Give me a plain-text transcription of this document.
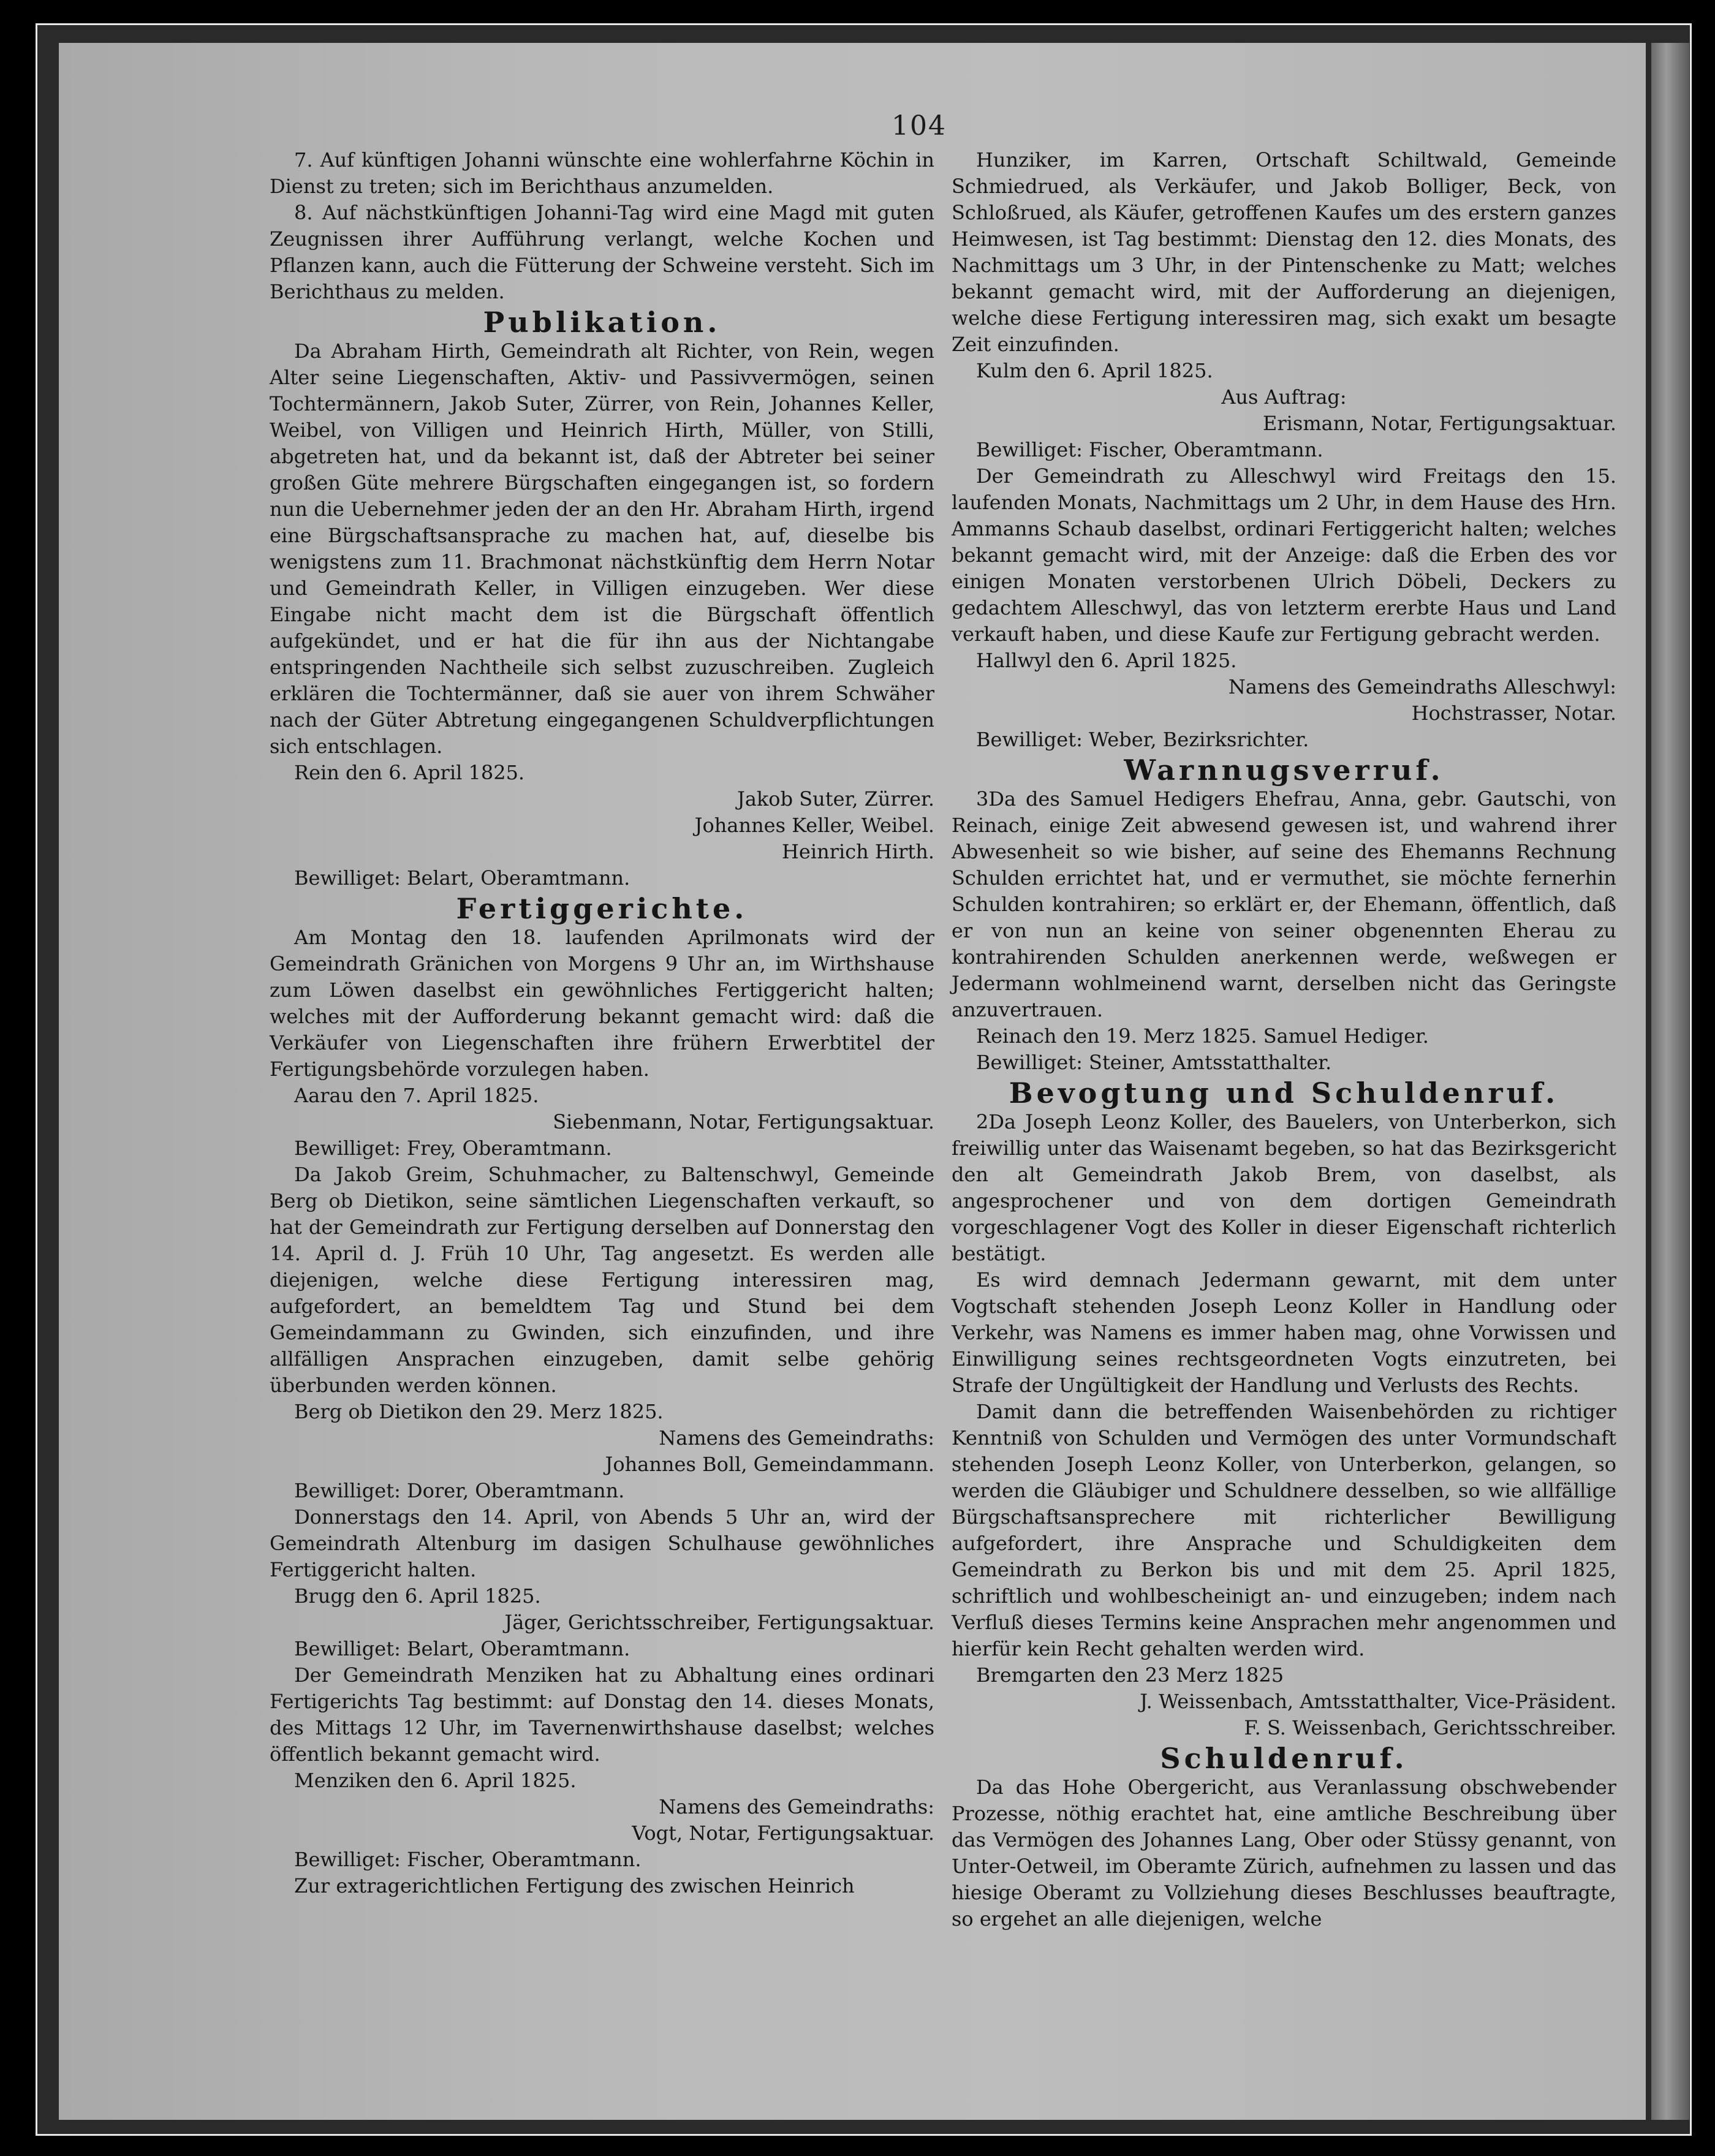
104

7. Auf künftigen Johanni wünschte eine wohlerfahrne Köchin in Dienst zu treten; sich im Berichthaus anzumelden.

8. Auf nächstkünftigen Johanni-Tag wird eine Magd mit guten Zeugnissen ihrer Aufführung verlangt, welche Kochen und Pflanzen kann, auch die Fütterung der Schweine versteht. Sich im Berichthaus zu melden.

Publikation.

Da Abraham Hirth, Gemeindrath alt Richter, von Rein, wegen Alter seine Liegenschaften, Aktiv- und Passivvermögen, seinen Tochtermännern, Jakob Suter, Zürrer, von Rein, Johannes Keller, Weibel, von Villigen und Heinrich Hirth, Müller, von Stilli, abgetreten hat, und da bekannt ist, daß der Abtreter bei seiner großen Güte mehrere Bürgschaften eingegangen ist, so fordern nun die Uebernehmer jeden der an den Hr. Abraham Hirth, irgend eine Bürgschaftsansprache zu machen hat, auf, dieselbe bis wenigstens zum 11. Brachmonat nächstkünftig dem Herrn Notar und Gemeindrath Keller, in Villigen einzugeben. Wer diese Eingabe nicht macht dem ist die Bürgschaft öffentlich aufgekündet, und er hat die für ihn aus der Nichtangabe entspringenden Nachtheile sich selbst zuzuschreiben. Zugleich erklären die Tochtermänner, daß sie auer von ihrem Schwäher nach der Güter Abtretung eingegangenen Schuldverpflichtungen sich entschlagen.

Rein den 6. April 1825.

Jakob Suter, Zürrer.

Johannes Keller, Weibel.

Heinrich Hirth.

Bewilliget: Belart, Oberamtmann.

Fertiggerichte.

Am Montag den 18. laufenden Aprilmonats wird der Gemeindrath Gränichen von Morgens 9 Uhr an, im Wirthshause zum Löwen daselbst ein gewöhnliches Fertiggericht halten; welches mit der Aufforderung bekannt gemacht wird: daß die Verkäufer von Liegenschaften ihre frühern Erwerbtitel der Fertigungsbehörde vorzulegen haben.

Aarau den 7. April 1825.

Siebenmann, Notar, Fertigungsaktuar.

Bewilliget: Frey, Oberamtmann.

Da Jakob Greim, Schuhmacher, zu Baltenschwyl, Gemeinde Berg ob Dietikon, seine sämtlichen Liegenschaften verkauft, so hat der Gemeindrath zur Fertigung derselben auf Donnerstag den 14. April d. J. Früh 10 Uhr, Tag angesetzt. Es werden alle diejenigen, welche diese Fertigung interessiren mag, aufgefordert, an bemeldtem Tag und Stund bei dem Gemeindammann zu Gwinden, sich einzufinden, und ihre allfälligen Ansprachen einzugeben, damit selbe gehörig überbunden werden können.

Berg ob Dietikon den 29. Merz 1825.

Namens des Gemeindraths:

Johannes Boll, Gemeindammann.

Bewilliget: Dorer, Oberamtmann.

Donnerstags den 14. April, von Abends 5 Uhr an, wird der Gemeindrath Altenburg im dasigen Schulhause gewöhnliches Fertiggericht halten.

Brugg den 6. April 1825.

Jäger, Gerichtsschreiber, Fertigungsaktuar.

Bewilliget: Belart, Oberamtmann.

Der Gemeindrath Menziken hat zu Abhaltung eines ordinari Fertigerichts Tag bestimmt: auf Donstag den 14. dieses Monats, des Mittags 12 Uhr, im Tavernenwirthshause daselbst; welches öffentlich bekannt gemacht wird.

Menziken den 6. April 1825.

Namens des Gemeindraths:

Vogt, Notar, Fertigungsaktuar.

Bewilliget: Fischer, Oberamtmann.

Zur extragerichtlichen Fertigung des zwischen Heinrich

Hunziker, im Karren, Ortschaft Schiltwald, Gemeinde Schmiedrued, als Verkäufer, und Jakob Bolliger, Beck, von Schloßrued, als Käufer, getroffenen Kaufes um des erstern ganzes Heimwesen, ist Tag bestimmt: Dienstag den 12. dies Monats, des Nachmittags um 3 Uhr, in der Pintenschenke zu Matt; welches bekannt gemacht wird, mit der Aufforderung an diejenigen, welche diese Fertigung interessiren mag, sich exakt um besagte Zeit einzufinden.

Kulm den 6. April 1825.

Aus Auftrag:

Erismann, Notar, Fertigungsaktuar.

Bewilliget: Fischer, Oberamtmann.

Der Gemeindrath zu Alleschwyl wird Freitags den 15. laufenden Monats, Nachmittags um 2 Uhr, in dem Hause des Hrn. Ammanns Schaub daselbst, ordinari Fertiggericht halten; welches bekannt gemacht wird, mit der Anzeige: daß die Erben des vor einigen Monaten verstorbenen Ulrich Döbeli, Deckers zu gedachtem Alleschwyl, das von letzterm ererbte Haus und Land verkauft haben, und diese Kaufe zur Fertigung gebracht werden.

Hallwyl den 6. April 1825.

Namens des Gemeindraths Alleschwyl:

Hochstrasser, Notar.

Bewilliget: Weber, Bezirksrichter.

Warnnugsverruf.

3Da des Samuel Hedigers Ehefrau, Anna, gebr. Gautschi, von Reinach, einige Zeit abwesend gewesen ist, und wahrend ihrer Abwesenheit so wie bisher, auf seine des Ehemanns Rechnung Schulden errichtet hat, und er vermuthet, sie möchte fernerhin Schulden kontrahiren; so erklärt er, der Ehemann, öffentlich, daß er von nun an keine von seiner obgenennten Eherau zu kontrahirenden Schulden anerkennen werde, weßwegen er Jedermann wohlmeinend warnt, derselben nicht das Geringste anzuvertrauen.

Reinach den 19. Merz 1825. Samuel Hediger.

Bewilliget: Steiner, Amtsstatthalter.

Bevogtung und Schuldenruf.

2Da Joseph Leonz Koller, des Bauelers, von Unterberkon, sich freiwillig unter das Waisenamt begeben, so hat das Bezirksgericht den alt Gemeindrath Jakob Brem, von daselbst, als angesprochener und von dem dortigen Gemeindrath vorgeschlagener Vogt des Koller in dieser Eigenschaft richterlich bestätigt.

Es wird demnach Jedermann gewarnt, mit dem unter Vogtschaft stehenden Joseph Leonz Koller in Handlung oder Verkehr, was Namens es immer haben mag, ohne Vorwissen und Einwilligung seines rechtsgeordneten Vogts einzutreten, bei Strafe der Ungültigkeit der Handlung und Verlusts des Rechts.

Damit dann die betreffenden Waisenbehörden zu richtiger Kenntniß von Schulden und Vermögen des unter Vormundschaft stehenden Joseph Leonz Koller, von Unterberkon, gelangen, so werden die Gläubiger und Schuldnere desselben, so wie allfällige Bürgschaftsansprechere mit richterlicher Bewilligung aufgefordert, ihre Ansprache und Schuldigkeiten dem Gemeindrath zu Berkon bis und mit dem 25. April 1825, schriftlich und wohlbescheinigt an- und einzugeben; indem nach Verfluß dieses Termins keine Ansprachen mehr angenommen und hierfür kein Recht gehalten werden wird.

Bremgarten den 23 Merz 1825

J. Weissenbach, Amtsstatthalter, Vice-Präsident.

F. S. Weissenbach, Gerichtsschreiber.

Schuldenruf.

Da das Hohe Obergericht, aus Veranlassung obschwebender Prozesse, nöthig erachtet hat, eine amtliche Beschreibung über das Vermögen des Johannes Lang, Ober oder Stüssy genannt, von Unter-Oetweil, im Oberamte Zürich, aufnehmen zu lassen und das hiesige Oberamt zu Vollziehung dieses Beschlusses beauftragte, so ergehet an alle diejenigen, welche
